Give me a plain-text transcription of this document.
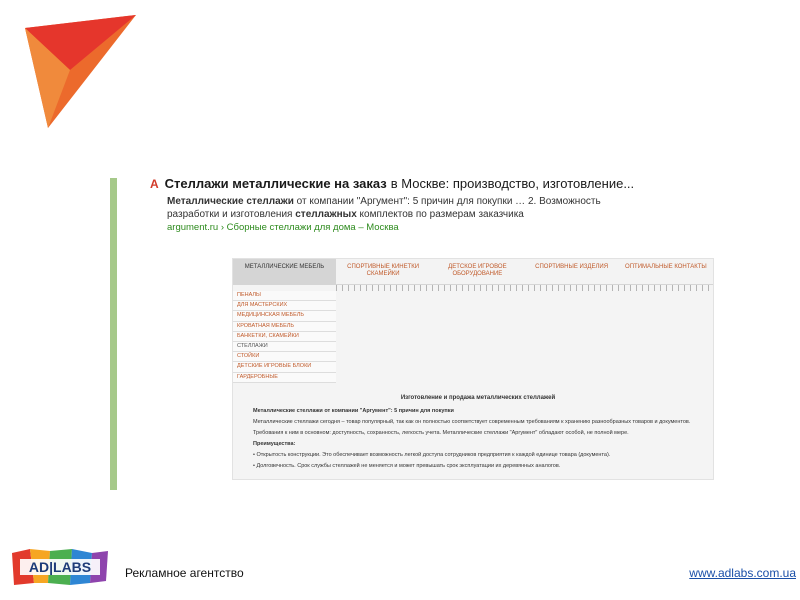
A Стеллажи металлические на заказ в Москве: производство, изготовление...
Металлические стеллажи от компании "Аргумент": 5 причин для покупки … 2. Возможность разработки и изготовления стеллажных комплектов по размерам заказчика
argument.ru › Сборные стеллажи для дома – Москва
МЕТАЛЛИЧЕСКИЕ МЕБЕЛЬ	СПОРТИВНЫЕ КИНЕТКИ СКАМЕЙКИ
ДЕТСКОЕ ИГРОВОЕ ОБОРУДОВАНИЕ
СПОРТИВНЫЕ ИЗДЕЛИЯ	ОПТИМАЛЬНЫЕ КОНТАКТЫ
ПЕНАЛЫ
ДЛЯ МАСТЕРСКИХ
МЕДИЦИНСКАЯ МЕБЕЛЬ
КРОВАТНАЯ МЕБЕЛЬ
БАНКЕТКИ, СКАМЕЙКИ
СТЕЛЛАЖИ
СТОЙКИ
ДЕТСКИЕ ИГРОВЫЕ БЛОКИ
ГАРДЕРОБНЫЕ
Изготовление и продажа металлических стеллажей

Металлические стеллажи от компании "Аргумент": 5 причин для покупки

Металлические стеллажи сегодня – товар популярный, так как он полностью соответствует современным требованиям к хранению разнообразных товаров и документов.

Требования к ним в основном: доступность, сохранность, легкость учета. Металлические стеллажи "Аргумент" обладают особой, не полной мере.

Преимущества:

• Открытость конструкции. Это обеспечивает возможность легкой доступа сотрудников предприятия к каждой единице товара (документа).

• Долговечность. Срок службы стеллажей не меняется и может превышать срок эксплуатации их деревянных аналогов.

AD|LABS	Рекламное агентство	www.adlabs.com.ua
